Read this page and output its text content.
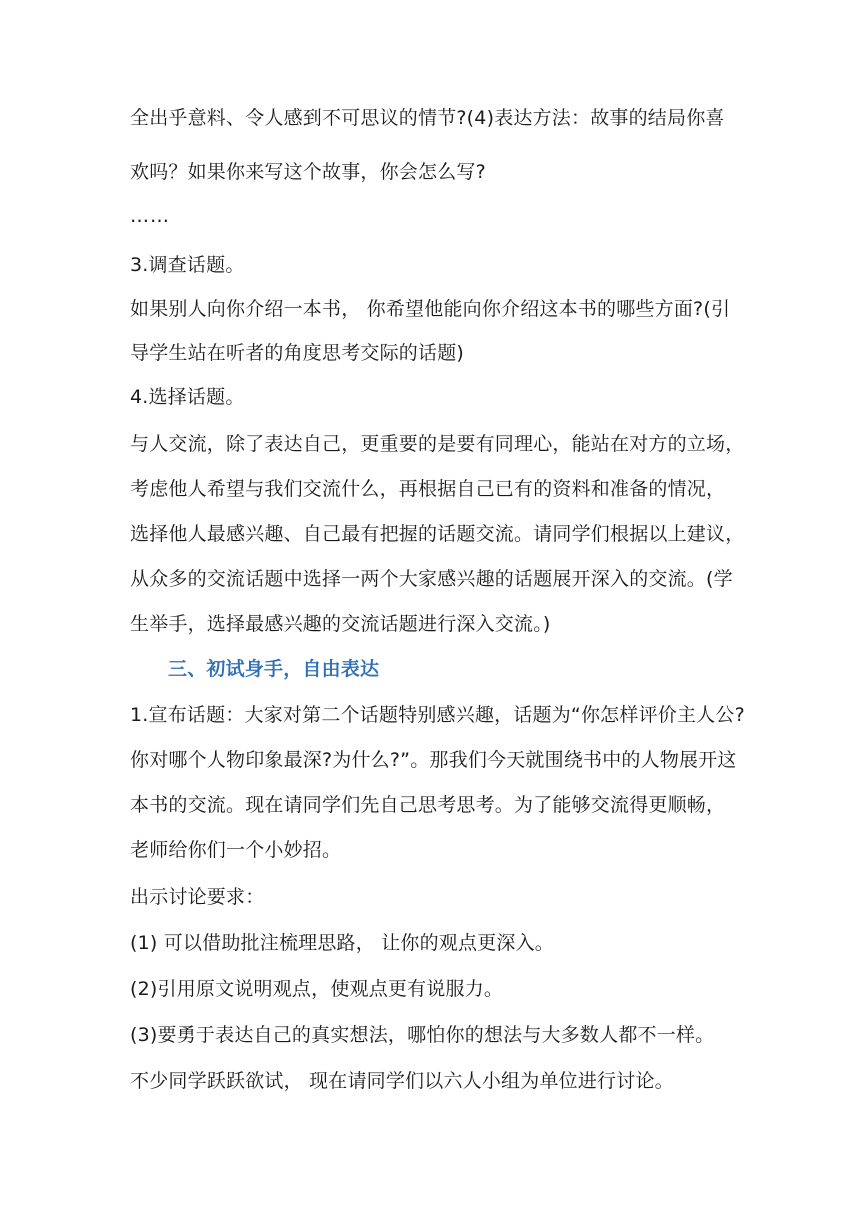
全出乎意料、令人感到不可思议的情节?(4)表达方法：故事的结局你喜
欢吗？如果你来写这个故事，你会怎么写?
……
3.调查话题。
如果别人向你介绍一本书， 你希望他能向你介绍这本书的哪些方面?(引
导学生站在听者的角度思考交际的话题)
4.选择话题。
与人交流，除了表达自己，更重要的是要有同理心，能站在对方的立场，
考虑他人希望与我们交流什么，再根据自己已有的资料和准备的情况，
选择他人最感兴趣、自己最有把握的话题交流。请同学们根据以上建议，
从众多的交流话题中选择一两个大家感兴趣的话题展开深入的交流。(学
生举手，选择最感兴趣的交流话题进行深入交流。)
三、初试身手，自由表达
1.宣布话题：大家对第二个话题特别感兴趣，话题为“你怎样评价主人公?
你对哪个人物印象最深?为什么?”。那我们今天就围绕书中的人物展开这
本书的交流。现在请同学们先自己思考思考。为了能够交流得更顺畅，
老师给你们一个小妙招。
出示讨论要求：
(1) 可以借助批注梳理思路， 让你的观点更深入。
(2)引用原文说明观点，使观点更有说服力。
(3)要勇于表达自己的真实想法，哪怕你的想法与大多数人都不一样。
不少同学跃跃欲试， 现在请同学们以六人小组为单位进行讨论。
